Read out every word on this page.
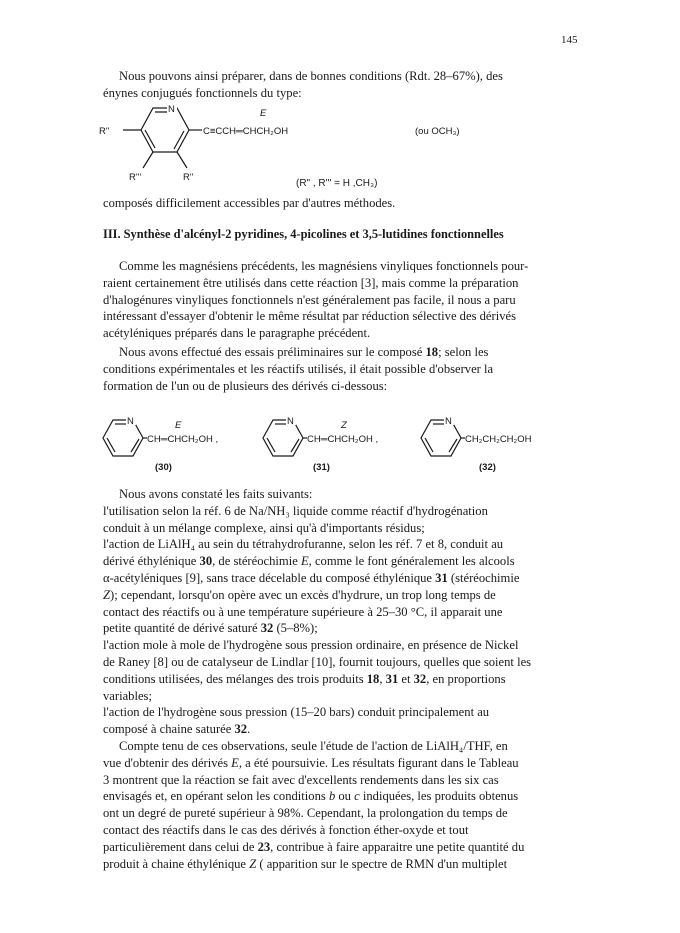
145
Nous pouvons ainsi préparer, dans de bonnes conditions (Rdt. 28–67%), des
énynes conjugués fonctionnels du type:
N
R"
R'''	R"
E
C≡CCH═CHCH₂OH	(ou OCH₃)
(R" , R''' = H ,CH₃)
composés difficilement accessibles par d'autres méthodes.
III. Synthèse d'alcényl-2 pyridines, 4-picolines et 3,5-lutidines fonctionnelles
Comme les magnésiens précédents, les magnésiens vinyliques fonctionnels pour-
raient certainement être utilisés dans cette réaction [3], mais comme la préparation
d'halogénures vinyliques fonctionnels n'est généralement pas facile, il nous a paru
intéressant d'essayer d'obtenir le même résultat par réduction sélective des dérivés
acétyléniques préparés dans le paragraphe précédent.
Nous avons effectué des essais préliminaires sur le composé 18; selon les
conditions expérimentales et les réactifs utilisés, il était possible d'observer la
formation de l'un ou de plusieurs des dérivés ci-dessous:
N	E
CH═CHCH₂OH ,
(30)
N	Z
CH═CHCH₂OH ,
(31)
N
CH₂CH₂CH₂OH
(32)
Nous avons constaté les faits suivants:
l'utilisation selon la réf. 6 de Na/NH₃ liquide comme réactif d'hydrogénation
conduit à un mélange complexe, ainsi qu'à d'importants résidus;
l'action de LiAlH₄ au sein du tétrahydrofuranne, selon les réf. 7 et 8, conduit au
dérivé éthylénique 30, de stéréochimie E, comme le font généralement les alcools
α-acétyléniques [9], sans trace décelable du composé éthylénique 31 (stéréochimie
Z); cependant, lorsqu'on opère avec un excès d'hydrure, un trop long temps de
contact des réactifs ou à une température supérieure à 25–30 °C, il apparait une
petite quantité de dérivé saturé 32 (5–8%);
l'action mole à mole de l'hydrogène sous pression ordinaire, en présence de Nickel
de Raney [8] ou de catalyseur de Lindlar [10], fournit toujours, quelles que soient les
conditions utilisées, des mélanges des trois produits 18, 31 et 32, en proportions
variables;
l'action de l'hydrogène sous pression (15–20 bars) conduit principalement au
composé à chaine saturée 32.
Compte tenu de ces observations, seule l'étude de l'action de LiAlH₄/THF, en
vue d'obtenir des dérivés E, a été poursuivie. Les résultats figurant dans le Tableau
3 montrent que la réaction se fait avec d'excellents rendements dans les six cas
envisagés et, en opérant selon les conditions b ou c indiquées, les produits obtenus
ont un degré de pureté supérieur à 98%. Cependant, la prolongation du temps de
contact des réactifs dans le cas des dérivés à fonction éther-oxyde et tout
particulièrement dans celui de 23, contribue à faire apparaitre une petite quantité du
produit à chaine éthylénique Z ( apparition sur le spectre de RMN d'un multiplet
